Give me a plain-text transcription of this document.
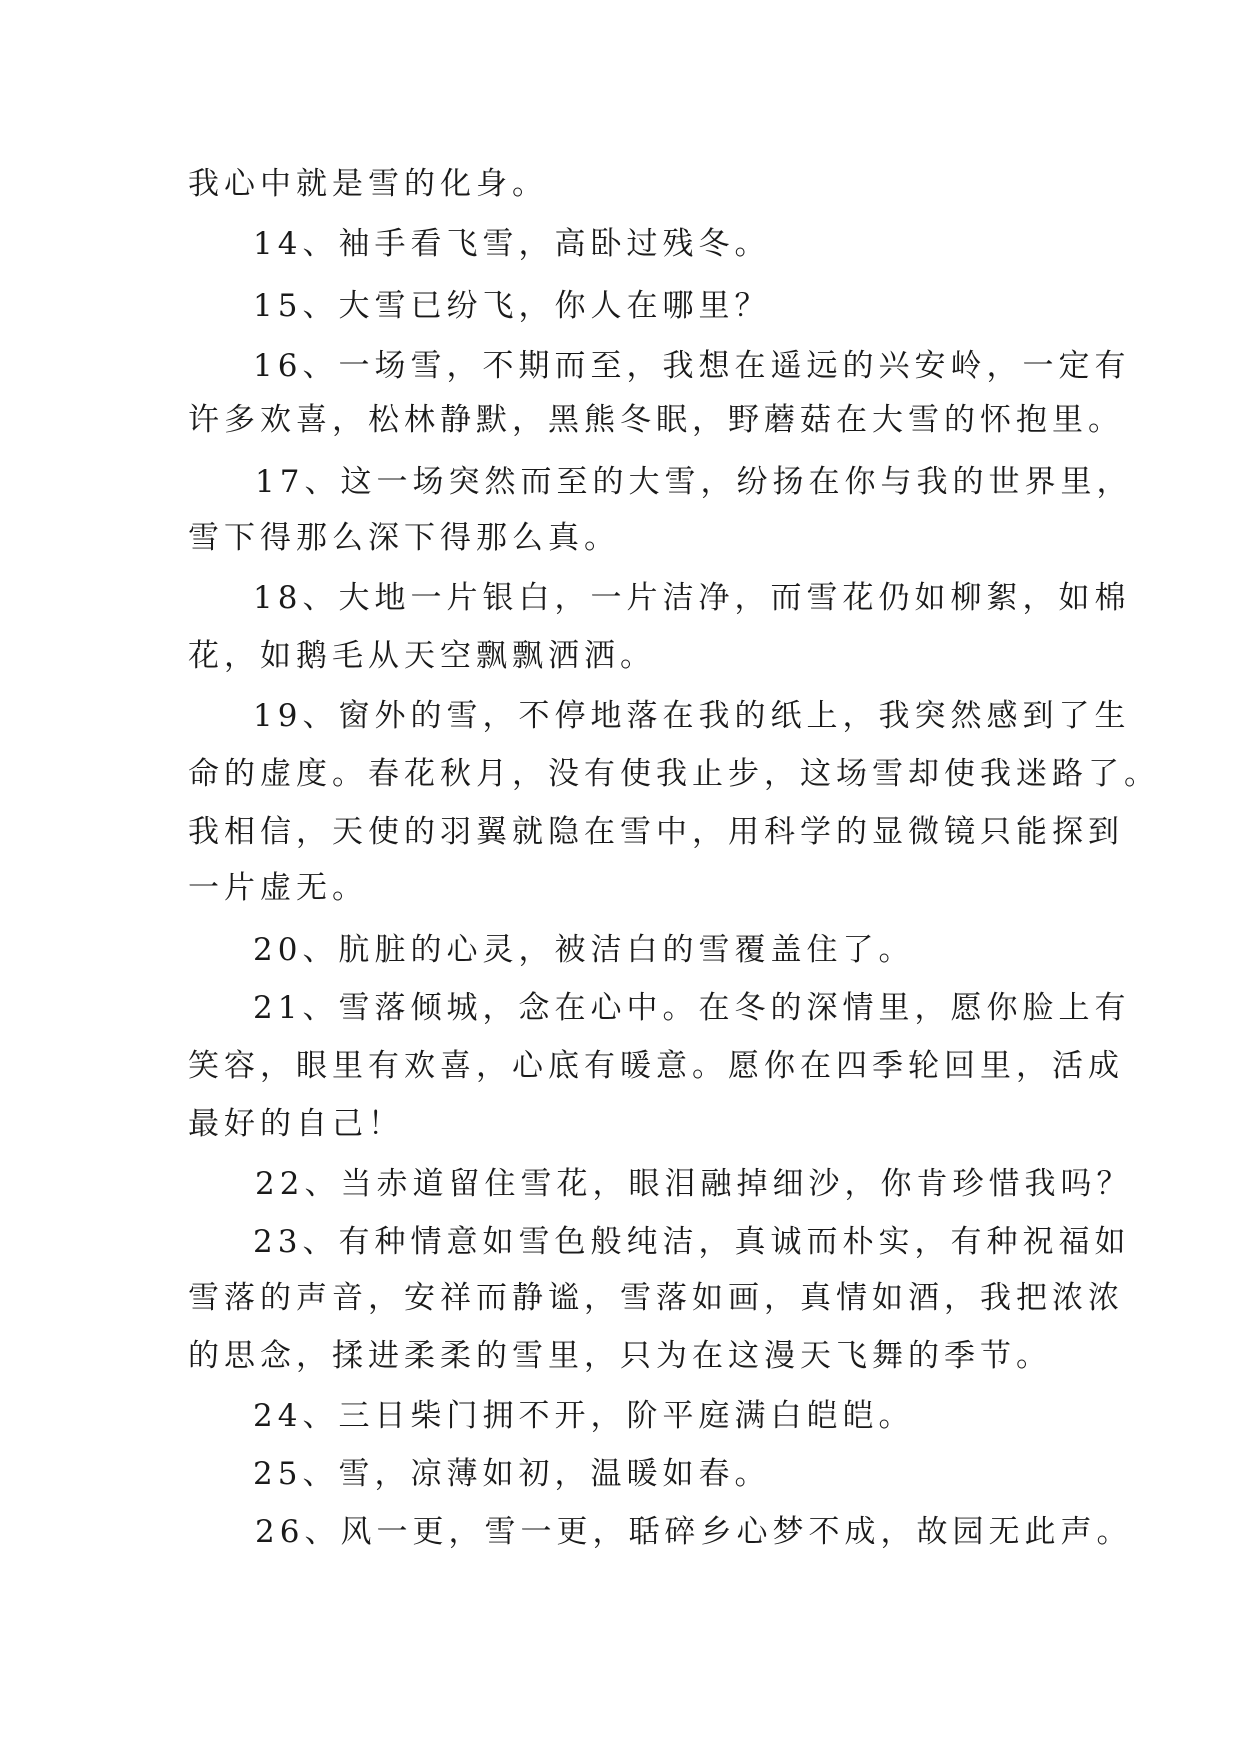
我心中就是雪的化身。
14、袖手看飞雪，高卧过残冬。
15、大雪已纷飞，你人在哪里？
16、一场雪，不期而至，我想在遥远的兴安岭，一定有
许多欢喜，松林静默，黑熊冬眠，野蘑菇在大雪的怀抱里。
17、这一场突然而至的大雪，纷扬在你与我的世界里，
雪下得那么深下得那么真。
18、大地一片银白，一片洁净，而雪花仍如柳絮，如棉
花，如鹅毛从天空飘飘洒洒。
19、窗外的雪，不停地落在我的纸上，我突然感到了生
命的虚度。春花秋月，没有使我止步，这场雪却使我迷路了。
我相信，天使的羽翼就隐在雪中，用科学的显微镜只能探到
一片虚无。
20、肮脏的心灵，被洁白的雪覆盖住了。
21、雪落倾城，念在心中。在冬的深情里，愿你脸上有
笑容，眼里有欢喜，心底有暖意。愿你在四季轮回里，活成
最好的自己！
22、当赤道留住雪花，眼泪融掉细沙，你肯珍惜我吗？
23、有种情意如雪色般纯洁，真诚而朴实，有种祝福如
雪落的声音，安祥而静谧，雪落如画，真情如酒，我把浓浓
的思念，揉进柔柔的雪里，只为在这漫天飞舞的季节。
24、三日柴门拥不开，阶平庭满白皑皑。
25、雪，凉薄如初，温暖如春。
26、风一更，雪一更，聒碎乡心梦不成，故园无此声。
